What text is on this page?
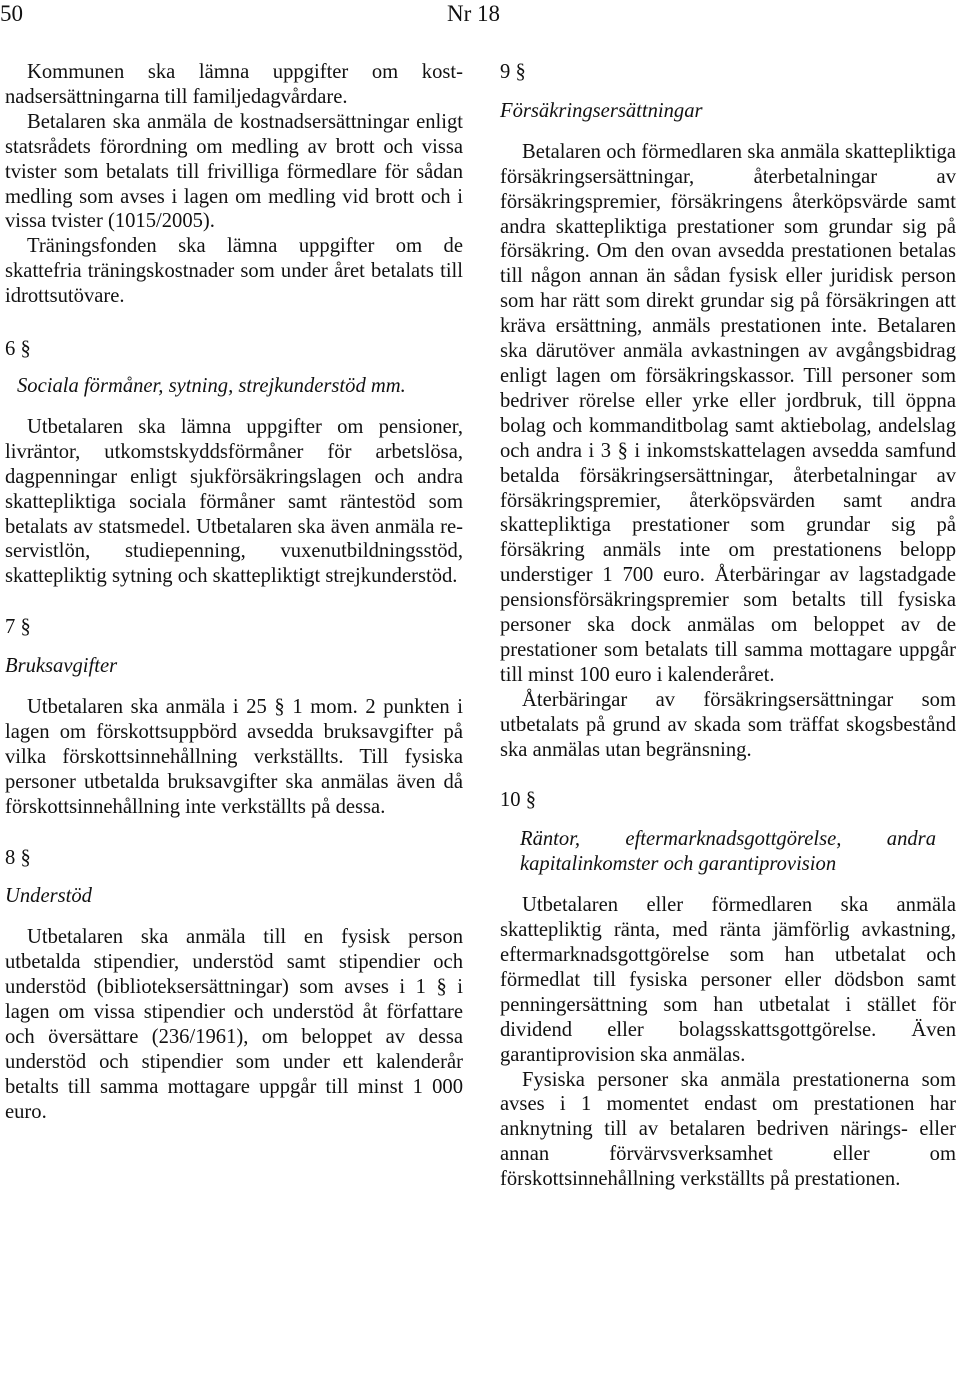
50	Nr 18

Kommunen ska lämna uppgifter om kostnadsersättningarna till familjedagvårdare.

Betalaren ska anmäla de kostnadsersättningar enligt statsrådets förordning om medling av brott och vissa tvister som betalats till frivilliga förmedlare för sådan medling som avses i lagen om medling vid brott och i vissa tvister (1015/2005).

Träningsfonden ska lämna uppgifter om de skattefria träningskostnader som under året betalats till idrottsutövare.

6 §

Sociala förmåner, sytning, strejkunderstöd mm.

Utbetalaren ska lämna uppgifter om pensioner, livräntor, utkomstskyddsförmåner för arbetslösa, dagpenningar enligt sjukförsäkringslagen och andra skattepliktiga sociala förmåner samt räntestöd som betalats av statsmedel. Utbetalaren ska även anmäla reservistlön, studiepenning, vuxenutbildningsstöd, skattepliktig sytning och skattepliktigt strejkunderstöd.

7 §

Bruksavgifter

Utbetalaren ska anmäla i 25 § 1 mom. 2 punkten i lagen om förskottsuppbörd avsedda bruksavgifter på vilka förskottsinnehållning verkställts. Till fysiska personer utbetalda bruksavgifter ska anmälas även då förskottsinnehållning inte verkställts på dessa.

8 §

Understöd

Utbetalaren ska anmäla till en fysisk person utbetalda stipendier, understöd samt stipendier och understöd (biblioteksersättningar) som avses i 1 § i lagen om vissa stipendier och understöd åt författare och översättare (236/1961), om beloppet av dessa understöd och stipendier som under ett kalenderår betalts till samma mottagare uppgår till minst 1 000 euro.

9 §

Försäkringsersättningar

Betalaren och förmedlaren ska anmäla skattepliktiga försäkringsersättningar, återbetalningar av försäkringspremier, försäkringens återköpsvärde samt andra skattepliktiga prestationer som grundar sig på försäkring. Om den ovan avsedda prestationen betalas till någon annan än sådan fysisk eller juridisk person som har rätt som direkt grundar sig på försäkringen att kräva ersättning, anmäls prestationen inte. Betalaren ska därutöver anmäla avkastningen av avgångsbidrag enligt lagen om försäkringskassor. Till personer som bedriver rörelse eller yrke eller jordbruk, till öppna bolag och kommanditbolag samt aktiebolag, andelslag och andra i 3 § i inkomstskattelagen avsedda samfund betalda försäkringsersättningar, återbetalningar av försäkringspremier, återköpsvärden samt andra skattepliktiga prestationer som grundar sig på försäkring anmäls inte om prestationens belopp understiger 1 700 euro. Återbäringar av lagstadgade pensionsförsäkringspremier som betalts till fysiska personer ska dock anmälas om beloppet av de prestationer som betalats till samma mottagare uppgår till minst 100 euro i kalenderåret.

Återbäringar av försäkringsersättningar som utbetalats på grund av skada som träffat skogsbestånd ska anmälas utan begränsning.

10 §

Räntor, eftermarknadsgottgörelse, andra kapitalinkomster och garantiprovision

Utbetalaren eller förmedlaren ska anmäla skattepliktig ränta, med ränta jämförlig avkastning, eftermarknadsgottgörelse som han utbetalat och förmedlat till fysiska personer eller dödsbon samt penningersättning som han utbetalat i stället för dividend eller bolagsskattsgottgörelse. Även garantiprovision ska anmälas.

Fysiska personer ska anmäla prestationerna som avses i 1 momentet endast om prestationen har anknytning till av betalaren bedriven närings- eller annan förvärvsverksamhet eller om förskottsinnehållning verkställts på prestationen.
